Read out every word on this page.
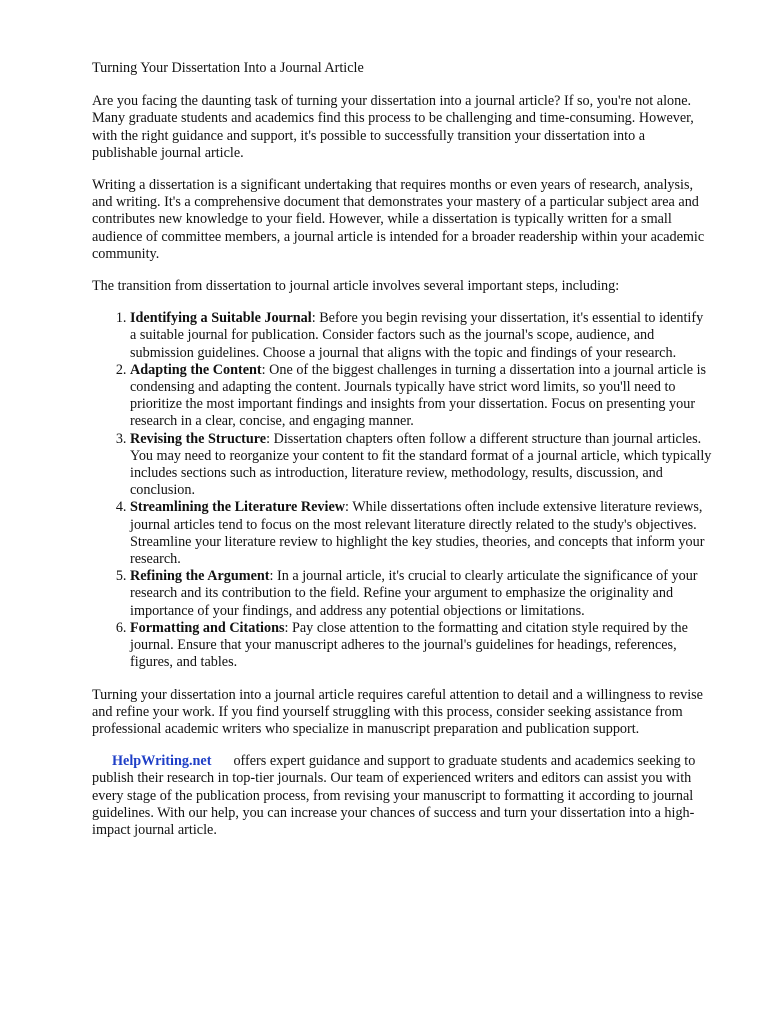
Turning Your Dissertation Into a Journal Article

Are you facing the daunting task of turning your dissertation into a journal article? If so, you're not alone. Many graduate students and academics find this process to be challenging and time-consuming. However, with the right guidance and support, it's possible to successfully transition your dissertation into a publishable journal article.

Writing a dissertation is a significant undertaking that requires months or even years of research, analysis, and writing. It's a comprehensive document that demonstrates your mastery of a particular subject area and contributes new knowledge to your field. However, while a dissertation is typically written for a small audience of committee members, a journal article is intended for a broader readership within your academic community.

The transition from dissertation to journal article involves several important steps, including:

1. Identifying a Suitable Journal: Before you begin revising your dissertation, it's essential to identify a suitable journal for publication. Consider factors such as the journal's scope, audience, and submission guidelines. Choose a journal that aligns with the topic and findings of your research.
2. Adapting the Content: One of the biggest challenges in turning a dissertation into a journal article is condensing and adapting the content. Journals typically have strict word limits, so you'll need to prioritize the most important findings and insights from your dissertation. Focus on presenting your research in a clear, concise, and engaging manner.
3. Revising the Structure: Dissertation chapters often follow a different structure than journal articles. You may need to reorganize your content to fit the standard format of a journal article, which typically includes sections such as introduction, literature review, methodology, results, discussion, and conclusion.
4. Streamlining the Literature Review: While dissertations often include extensive literature reviews, journal articles tend to focus on the most relevant literature directly related to the study's objectives. Streamline your literature review to highlight the key studies, theories, and concepts that inform your research.
5. Refining the Argument: In a journal article, it's crucial to clearly articulate the significance of your research and its contribution to the field. Refine your argument to emphasize the originality and importance of your findings, and address any potential objections or limitations.
6. Formatting and Citations: Pay close attention to the formatting and citation style required by the journal. Ensure that your manuscript adheres to the journal's guidelines for headings, references, figures, and tables.

Turning your dissertation into a journal article requires careful attention to detail and a willingness to revise and refine your work. If you find yourself struggling with this process, consider seeking assistance from professional academic writers who specialize in manuscript preparation and publication support.

HelpWriting.net offers expert guidance and support to graduate students and academics seeking to publish their research in top-tier journals. Our team of experienced writers and editors can assist you with every stage of the publication process, from revising your manuscript to formatting it according to journal guidelines. With our help, you can increase your chances of success and turn your dissertation into a high-impact journal article.
